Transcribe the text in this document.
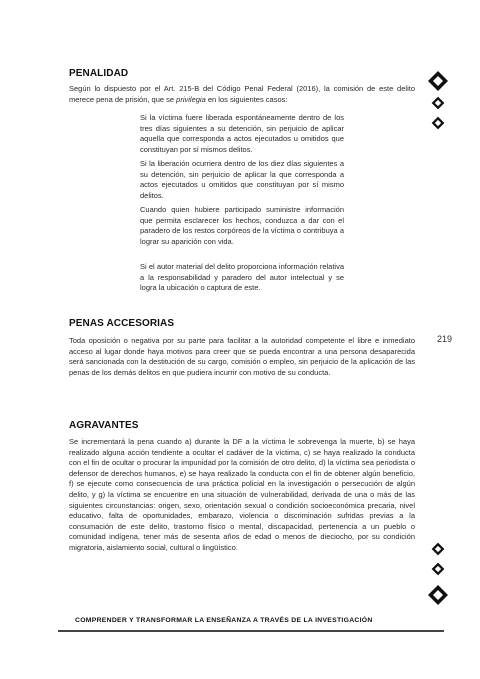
PENALIDAD

Según lo dispuesto por el Art. 215-B del Código Penal Federal (2016), la comisión de este delito merece pena de prisión, que se privilegia en los siguientes casos:

Si la víctima fuere liberada espontáneamente dentro de los tres días siguientes a su detención, sin perjuicio de aplicar aquella que corresponda a actos ejecutados u omitidos que constituyan por sí mismos delitos.

Si la liberación ocurriera dentro de los diez días siguientes a su detención, sin perjuicio de aplicar la que corresponda a actos ejecutados u omitidos que constituyan por sí mismo delitos.

Cuando quien hubiere participado suministre información que permita esclarecer los hechos, conduzca a dar con el paradero de los restos corpóreos de la víctima o contribuya a lograr su aparición con vida.

Si el autor material del delito proporciona información relativa a la responsabilidad y paradero del autor intelectual y se logra la ubicación o captura de este.

PENAS ACCESORIAS

Toda oposición o negativa por su parte para facilitar a la autoridad competente el libre e inmediato acceso al lugar donde haya motivos para creer que se pueda encontrar a una persona desaparecida será sancionada con la destitución de su cargo, comisión o empleo, sin perjuicio de la aplicación de las penas de los demás delitos en que pudiera incurrir con motivo de su conducta.

219

AGRAVANTES

Se incrementará la pena cuando a) durante la DF a la víctima le sobrevenga la muerte, b) se haya realizado alguna acción tendiente a ocultar el cadáver de la víctima, c) se haya realizado la conducta con el fin de ocultar o procurar la impunidad por la comisión de otro delito, d) la víctima sea periodista o defensor de derechos humanos, e) se haya realizado la conducta con el fin de obtener algún beneficio, f) se ejecute como consecuencia de una práctica policial en la investigación o persecución de algún delito, y g) la víctima se encuentre en una situación de vulnerabilidad, derivada de una o más de las siguientes circunstancias: origen, sexo, orientación sexual o condición socioeconómica precaria, nivel educativo, falta de oportunidades, embarazo, violencia o discriminación sufridas previas a la consumación de este delito, trastorno físico o mental, discapacidad, pertenencia a un pueblo o comunidad indígena, tener más de sesenta años de edad o menos de dieciocho, por su condición migratoria, aislamiento social, cultural o lingüístico.

COMPRENDER Y TRANSFORMAR LA ENSEÑANZA A TRAVÉS DE LA INVESTIGACIÓN
